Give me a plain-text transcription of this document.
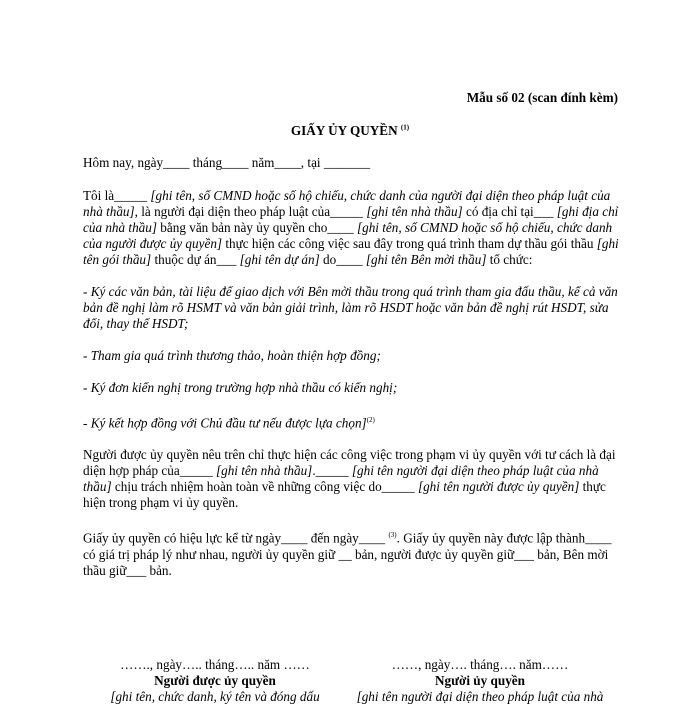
Mẫu số 02 (scan đính kèm)
GIẤY ỦY QUYỀN $^{(1)}$

Hôm nay, ngày____ tháng____ năm____, tại _______

Tôi là_____ [ghi tên, số CMND hoặc số hộ chiếu, chức danh của người đại diện theo pháp luật của nhà thầu], là người đại diện theo pháp luật của_____ [ghi tên nhà thầu] có địa chỉ tại___ [ghi địa chỉ của nhà thầu] bằng văn bản này ủy quyền cho____ [ghi tên, số CMND hoặc số hộ chiếu, chức danh của người được ủy quyền] thực hiện các công việc sau đây trong quá trình tham dự thầu gói thầu [ghi tên gói thầu] thuộc dự án___ [ghi tên dự án] do____ [ghi tên Bên mời thầu] tổ chức:

- Ký các văn bản, tài liệu để giao dịch với Bên mời thầu trong quá trình tham gia đấu thầu, kể cả văn bản đề nghị làm rõ HSMT và văn bản giải trình, làm rõ HSDT hoặc văn bản đề nghị rút HSDT, sửa đổi, thay thế HSDT;

- Tham gia quá trình thương thảo, hoàn thiện hợp đồng;

- Ký đơn kiến nghị trong trường hợp nhà thầu có kiến nghị;

- Ký kết hợp đồng với Chủ đầu tư nếu được lựa chọn]$^{(2)}$

Người được ủy quyền nêu trên chỉ thực hiện các công việc trong phạm vi ủy quyền với tư cách là đại diện hợp pháp của_____ [ghi tên nhà thầu]._____ [ghi tên người đại diện theo pháp luật của nhà thầu] chịu trách nhiệm hoàn toàn về những công việc do_____ [ghi tên người được ủy quyền] thực hiện trong phạm vi ủy quyền.

Giấy ủy quyền có hiệu lực kể từ ngày____ đến ngày____ $^{(3)}$. Giấy ủy quyền này được lập thành____ có giá trị pháp lý như nhau, người ủy quyền giữ __ bản, người được ủy quyền giữ___ bản, Bên mời thầu giữ___ bản.

……., ngày….. tháng….. năm ……
Người được ủy quyền
[ghi tên, chức danh, ký tên và đóng dấu
……, ngày…. tháng…. năm……
Người ủy quyền
[ghi tên người đại diện theo pháp luật của nhà
